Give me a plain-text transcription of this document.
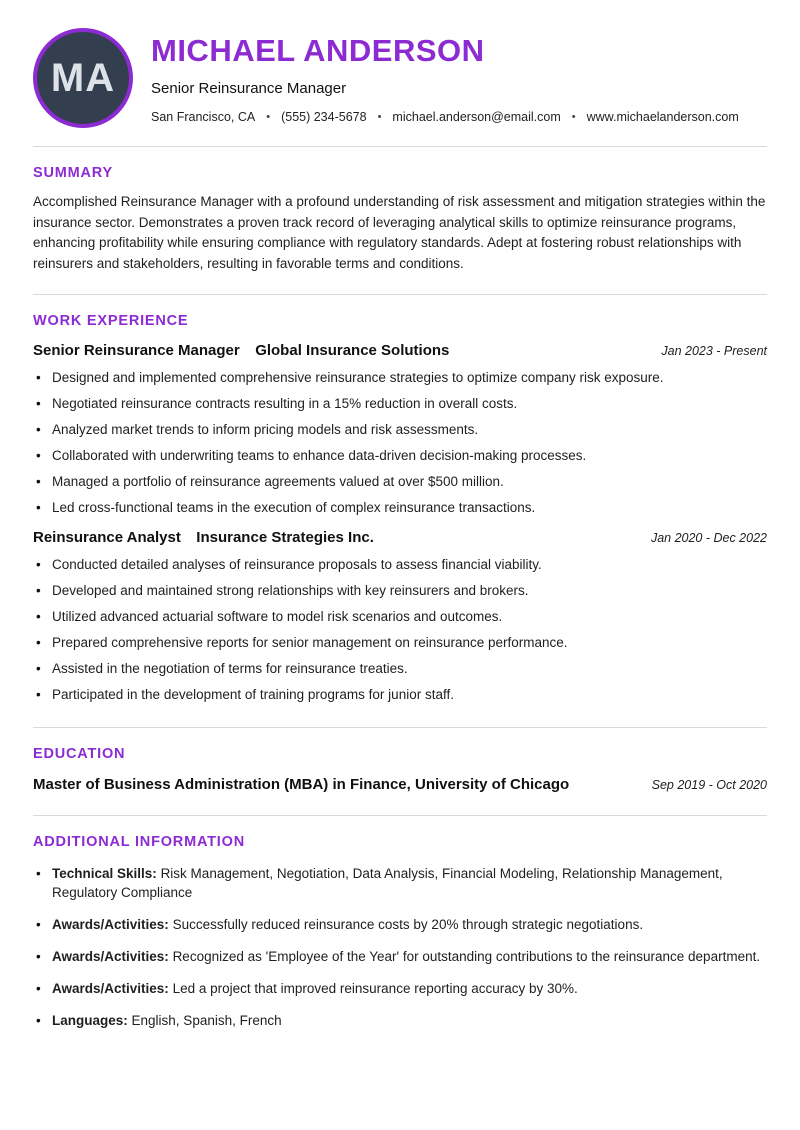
MA
MICHAEL ANDERSON
Senior Reinsurance Manager
San Francisco, CA • (555) 234-5678 • michael.anderson@email.com • www.michaelanderson.com
SUMMARY
Accomplished Reinsurance Manager with a profound understanding of risk assessment and mitigation strategies within the insurance sector. Demonstrates a proven track record of leveraging analytical skills to optimize reinsurance programs, enhancing profitability while ensuring compliance with regulatory standards. Adept at fostering robust relationships with reinsurers and stakeholders, resulting in favorable terms and conditions.
WORK EXPERIENCE
Senior Reinsurance Manager Global Insurance Solutions	Jan 2023 - Present
• Designed and implemented comprehensive reinsurance strategies to optimize company risk exposure.
• Negotiated reinsurance contracts resulting in a 15% reduction in overall costs.
• Analyzed market trends to inform pricing models and risk assessments.
• Collaborated with underwriting teams to enhance data-driven decision-making processes.
• Managed a portfolio of reinsurance agreements valued at over $500 million.
• Led cross-functional teams in the execution of complex reinsurance transactions.
Reinsurance Analyst Insurance Strategies Inc.	Jan 2020 - Dec 2022
• Conducted detailed analyses of reinsurance proposals to assess financial viability.
• Developed and maintained strong relationships with key reinsurers and brokers.
• Utilized advanced actuarial software to model risk scenarios and outcomes.
• Prepared comprehensive reports for senior management on reinsurance performance.
• Assisted in the negotiation of terms for reinsurance treaties.
• Participated in the development of training programs for junior staff.
EDUCATION
Master of Business Administration (MBA) in Finance, University of Chicago	Sep 2019 - Oct 2020
ADDITIONAL INFORMATION
• Technical Skills: Risk Management, Negotiation, Data Analysis, Financial Modeling, Relationship Management, Regulatory Compliance
• Awards/Activities: Successfully reduced reinsurance costs by 20% through strategic negotiations.
• Awards/Activities: Recognized as 'Employee of the Year' for outstanding contributions to the reinsurance department.
• Awards/Activities: Led a project that improved reinsurance reporting accuracy by 30%.
• Languages: English, Spanish, French
